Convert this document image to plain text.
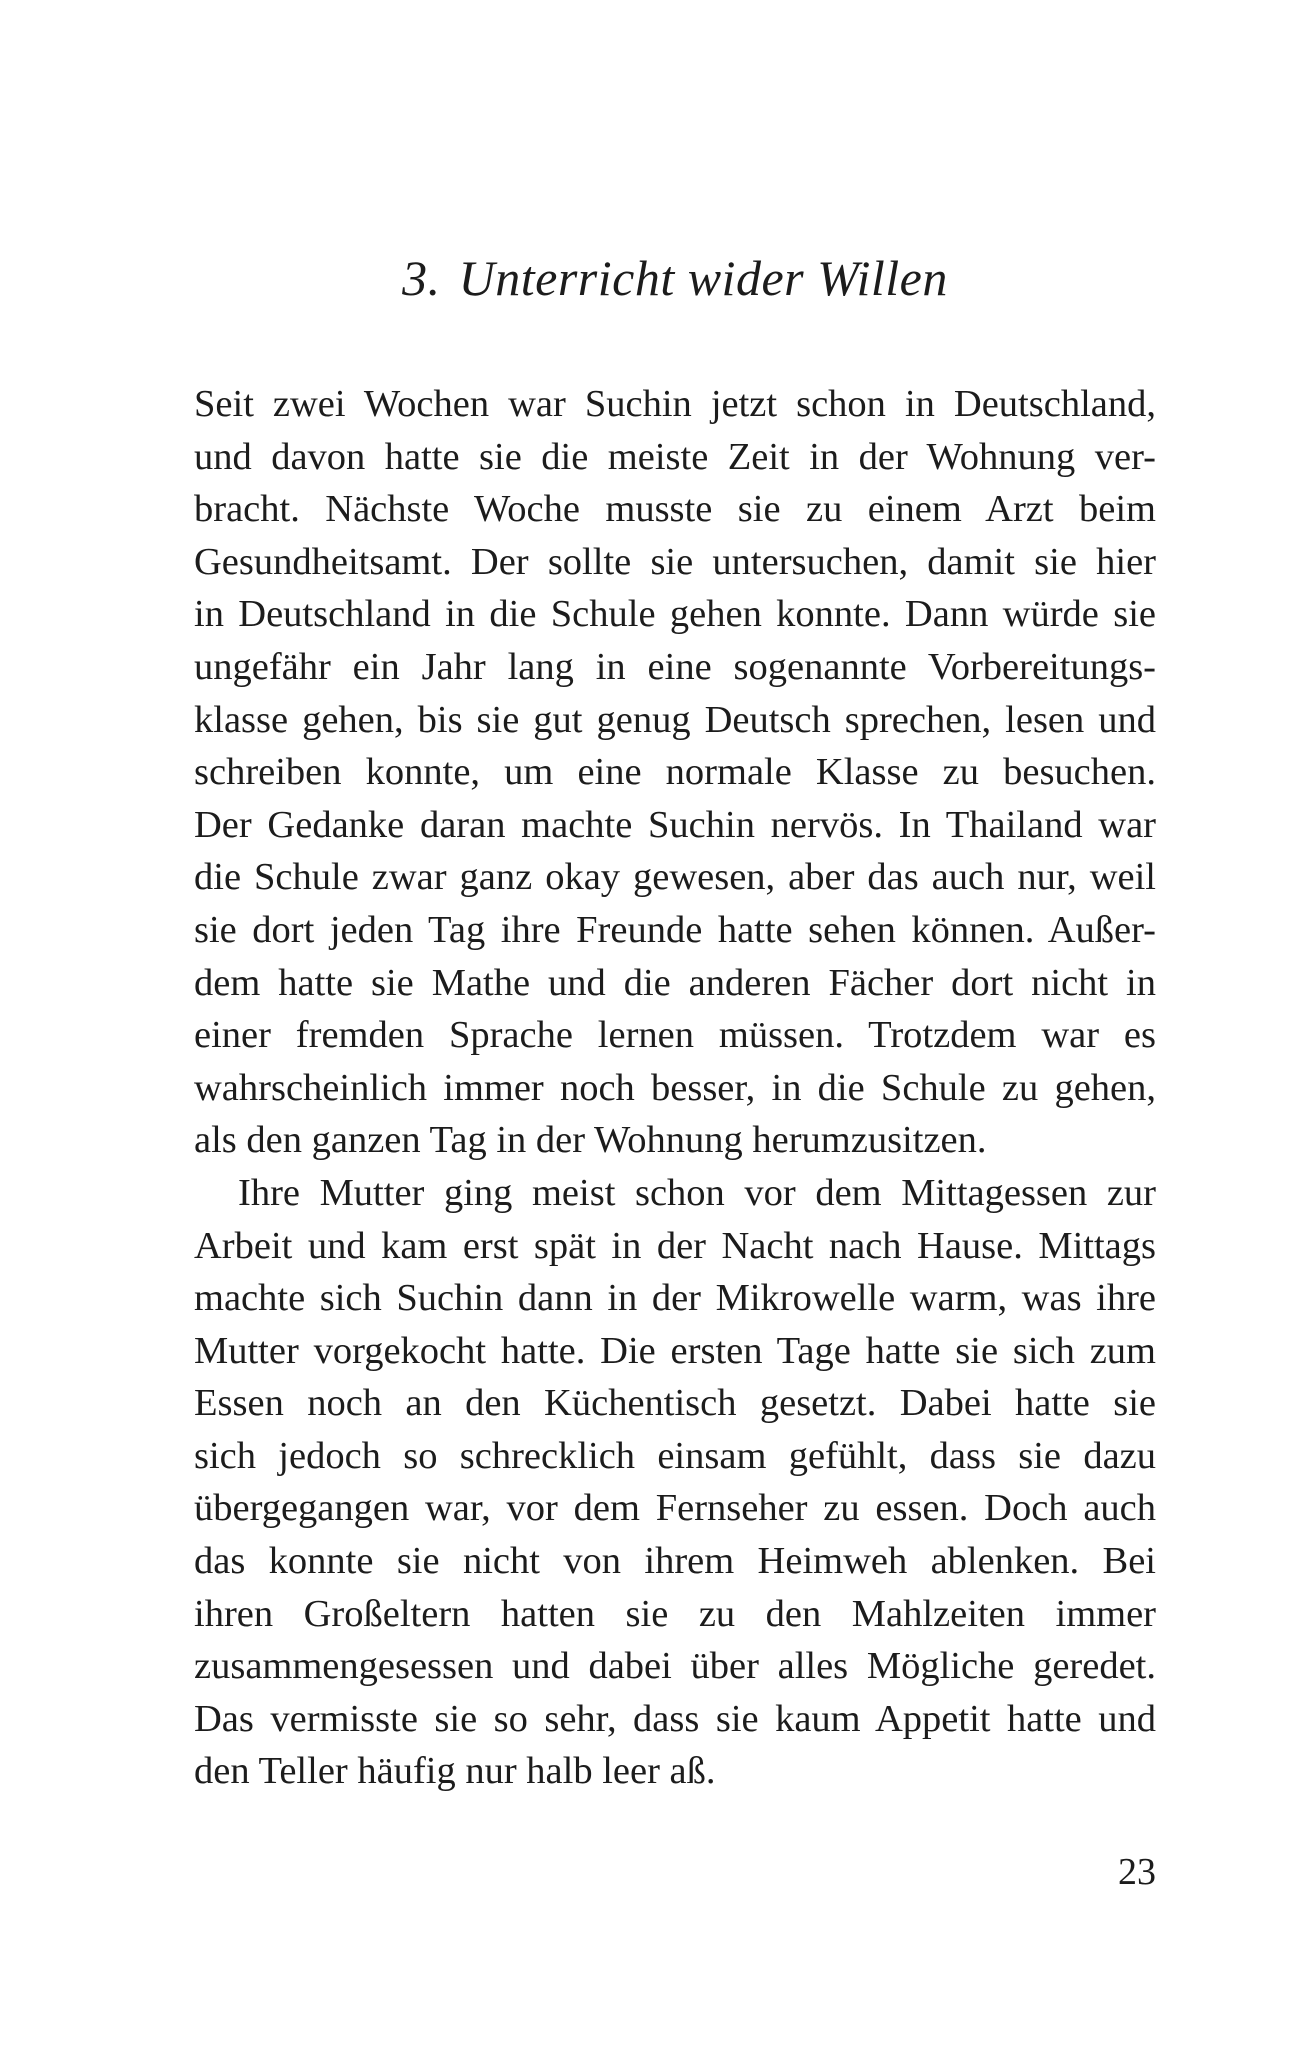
3. Unterricht wider Willen

Seit zwei Wochen war Suchin jetzt schon in Deutschland,
und davon hatte sie die meiste Zeit in der Wohnung ver-
bracht. Nächste Woche musste sie zu einem Arzt beim
Gesundheitsamt. Der sollte sie untersuchen, damit sie hier
in Deutschland in die Schule gehen konnte. Dann würde sie
ungefähr ein Jahr lang in eine sogenannte Vorbereitungs-
klasse gehen, bis sie gut genug Deutsch sprechen, lesen und
schreiben konnte, um eine normale Klasse zu besuchen.
Der Gedanke daran machte Suchin nervös. In Thailand war
die Schule zwar ganz okay gewesen, aber das auch nur, weil
sie dort jeden Tag ihre Freunde hatte sehen können. Außer-
dem hatte sie Mathe und die anderen Fächer dort nicht in
einer fremden Sprache lernen müssen. Trotzdem war es
wahrscheinlich immer noch besser, in die Schule zu gehen,
als den ganzen Tag in der Wohnung herumzusitzen.

Ihre Mutter ging meist schon vor dem Mittagessen zur
Arbeit und kam erst spät in der Nacht nach Hause. Mittags
machte sich Suchin dann in der Mikrowelle warm, was ihre
Mutter vorgekocht hatte. Die ersten Tage hatte sie sich zum
Essen noch an den Küchentisch gesetzt. Dabei hatte sie
sich jedoch so schrecklich einsam gefühlt, dass sie dazu
übergegangen war, vor dem Fernseher zu essen. Doch auch
das konnte sie nicht von ihrem Heimweh ablenken. Bei
ihren Großeltern hatten sie zu den Mahlzeiten immer
zusammengesessen und dabei über alles Mögliche geredet.
Das vermisste sie so sehr, dass sie kaum Appetit hatte und
den Teller häufig nur halb leer aß.

23
